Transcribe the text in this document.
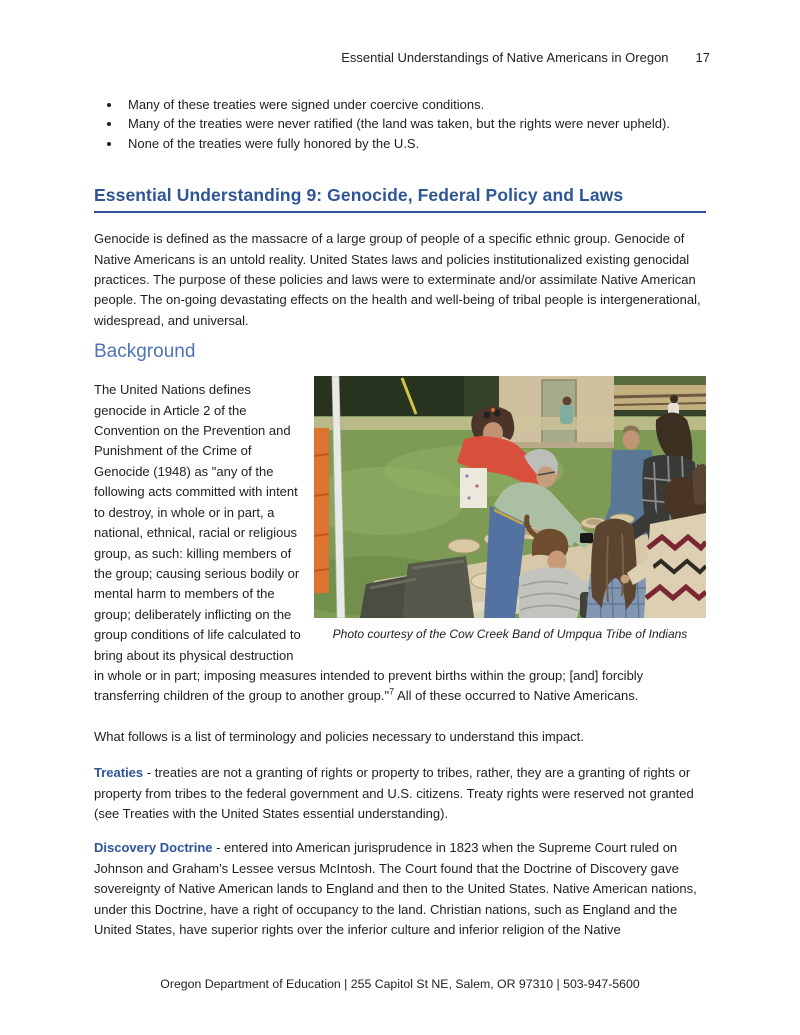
Essential Understandings of Native Americans in Oregon 17
• Many of these treaties were signed under coercive conditions.
• Many of the treaties were never ratified (the land was taken, but the rights were never upheld).
• None of the treaties were fully honored by the U.S.
Essential Understanding 9: Genocide, Federal Policy and Laws

Genocide is defined as the massacre of a large group of people of a specific ethnic group. Genocide of Native Americans is an untold reality. United States laws and policies institutionalized existing genocidal practices. The purpose of these policies and laws were to exterminate and/or assimilate Native American people. The on-going devastating effects on the health and well-being of tribal people is intergenerational, widespread, and universal.

Background
Photo courtesy of the Cow Creek Band of Umpqua Tribe of Indians

The United Nations defines genocide in Article 2 of the Convention on the Prevention and Punishment of the Crime of Genocide (1948) as "any of the following acts committed with intent to destroy, in whole or in part, a national, ethnical, racial or religious group, as such: killing members of the group; causing serious bodily or mental harm to members of the group; deliberately inflicting on the group conditions of life calculated to bring about its physical destruction in whole or in part; imposing measures intended to prevent births within the group; [and] forcibly transferring children of the group to another group."$^7$ All of these occurred to Native Americans.

What follows is a list of terminology and policies necessary to understand this impact.

Treaties - treaties are not a granting of rights or property to tribes, rather, they are a granting of rights or property from tribes to the federal government and U.S. citizens. Treaty rights were reserved not granted (see Treaties with the United States essential understanding).

Discovery Doctrine - entered into American jurisprudence in 1823 when the Supreme Court ruled on Johnson and Graham’s Lessee versus McIntosh. The Court found that the Doctrine of Discovery gave sovereignty of Native American lands to England and then to the United States. Native American nations, under this Doctrine, have a right of occupancy to the land. Christian nations, such as England and the United States, have superior rights over the inferior culture and inferior religion of the Native

Oregon Department of Education | 255 Capitol St NE, Salem, OR 97310 | 503-947-5600
